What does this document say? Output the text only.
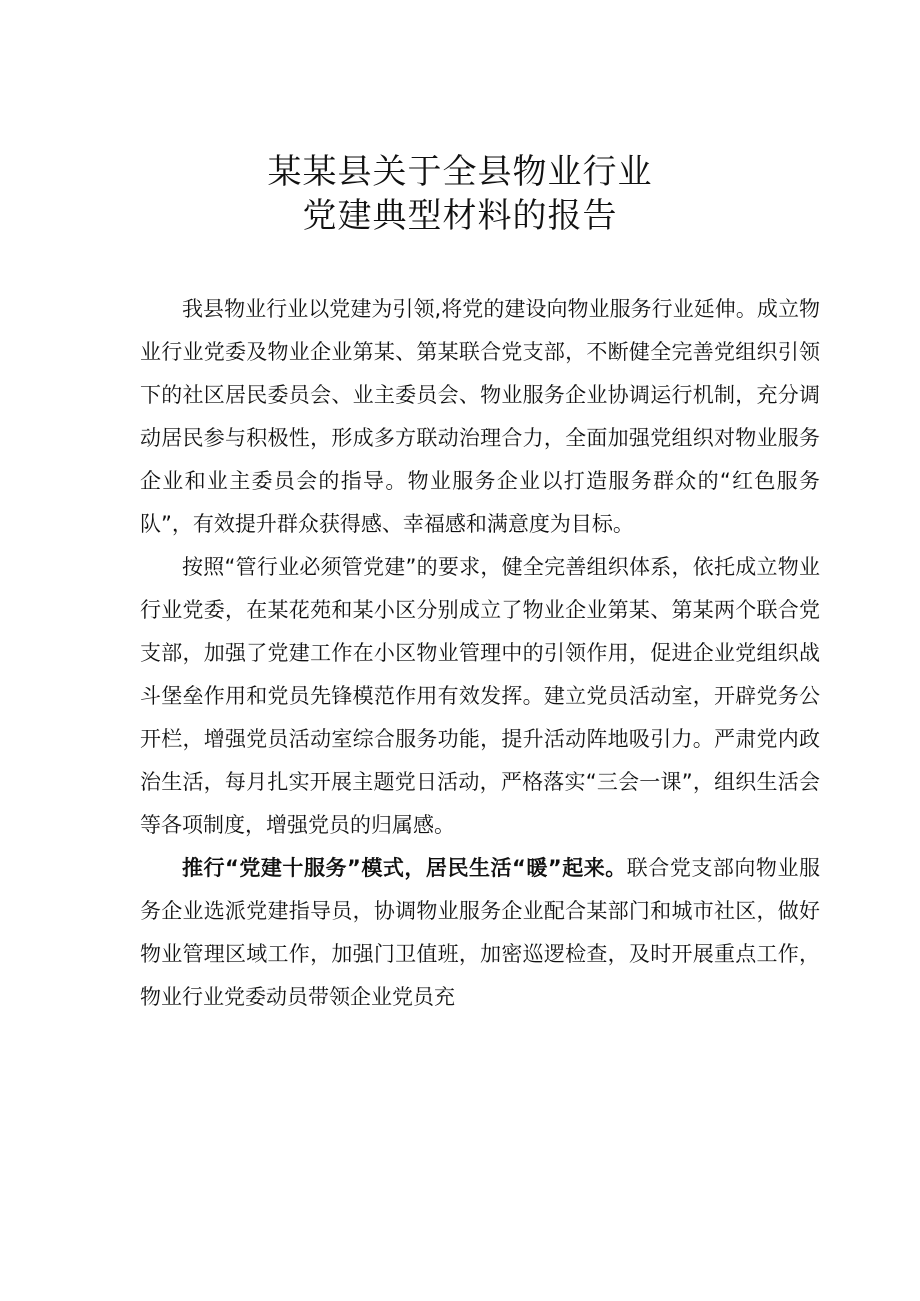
某某县关于全县物业行业
党建典型材料的报告

我县物业行业以党建为引领,将党的建设向物业服务行业延伸。成立物业行业党委及物业企业第某、第某联合党支部，不断健全完善党组织引领下的社区居民委员会、业主委员会、物业服务企业协调运行机制，充分调动居民参与积极性，形成多方联动治理合力，全面加强党组织对物业服务企业和业主委员会的指导。物业服务企业以打造服务群众的“红色服务队”，有效提升群众获得感、幸福感和满意度为目标。

按照“管行业必须管党建”的要求，健全完善组织体系，依托成立物业行业党委，在某花苑和某小区分别成立了物业企业第某、第某两个联合党支部，加强了党建工作在小区物业管理中的引领作用，促进企业党组织战斗堡垒作用和党员先锋模范作用有效发挥。建立党员活动室，开辟党务公开栏，增强党员活动室综合服务功能，提升活动阵地吸引力。严肃党内政治生活，每月扎实开展主题党日活动，严格落实“三会一课”，组织生活会等各项制度，增强党员的归属感。

推行“党建十服务”模式，居民生活“暖”起来。联合党支部向物业服务企业选派党建指导员，协调物业服务企业配合某部门和城市社区，做好物业管理区域工作，加强门卫值班，加密巡逻检查，及时开展重点工作，物业行业党委动员带领企业党员充
